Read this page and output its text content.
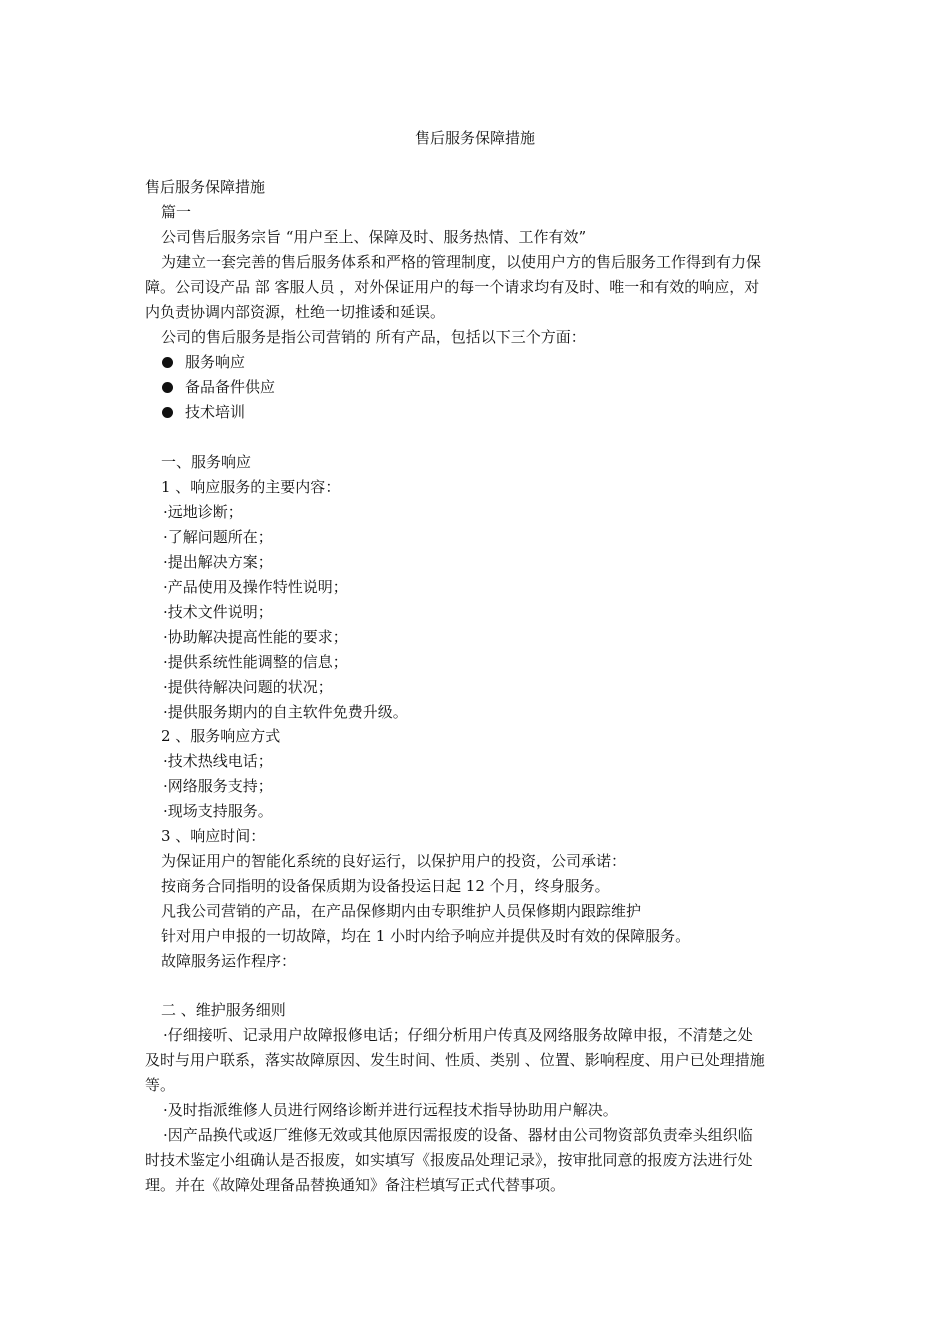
售后服务保障措施
售后服务保障措施
篇一
公司售后服务宗旨 “用户至上、保障及时、服务热情、工作有效”
为建立一套完善的售后服务体系和严格的管理制度，以使用户方的售后服务工作得到有力保
障。公司设产品 部 客服人员 ，对外保证用户的每一个请求均有及时、唯一和有效的响应，对
内负责协调内部资源，杜绝一切推诿和延误。
公司的售后服务是指公司营销的 所有产品，包括以下三个方面：
服务响应
备品备件供应
技术培训
一、服务响应
1 、响应服务的主要内容：
·远地诊断；
·了解问题所在；
·提出解决方案；
·产品使用及操作特性说明；
·技术文件说明；
·协助解决提高性能的要求；
·提供系统性能调整的信息；
·提供待解决问题的状况；
·提供服务期内的自主软件免费升级。
2 、服务响应方式
·技术热线电话；
·网络服务支持；
·现场支持服务。
3 、响应时间：
为保证用户的智能化系统的良好运行，以保护用户的投资，公司承诺：
按商务合同指明的设备保质期为设备投运日起 12 个月，终身服务。
凡我公司营销的产品，在产品保修期内由专职维护人员保修期内跟踪维护
针对用户申报的一切故障，均在 1 小时内给予响应并提供及时有效的保障服务。
故障服务运作程序：
二 、维护服务细则
·仔细接听、记录用户故障报修电话；仔细分析用户传真及网络服务故障申报，不清楚之处
及时与用户联系，落实故障原因、发生时间、性质、类别 、位置、影响程度、用户已处理措施
等。
·及时指派维修人员进行网络诊断并进行远程技术指导协助用户解决。
·因产品换代或返厂维修无效或其他原因需报废的设备、器材由公司物资部负责牵头组织临
时技术鉴定小组确认是否报废，如实填写《报废品处理记录》，按审批同意的报废方法进行处
理。并在《故障处理备品替换通知》备注栏填写正式代替事项。
